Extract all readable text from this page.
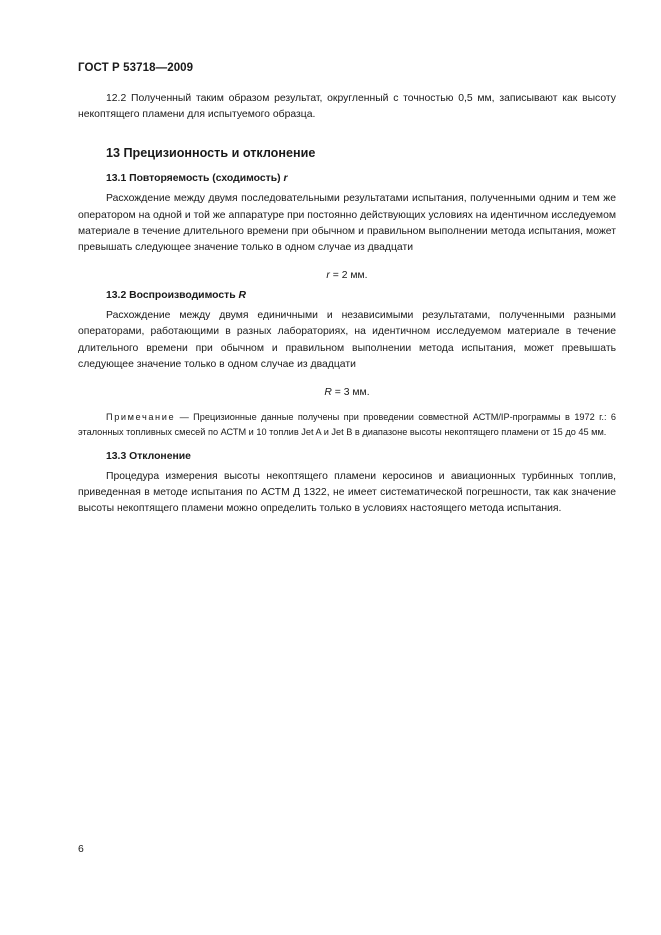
ГОСТ Р 53718—2009

12.2 Полученный таким образом результат, округленный с точностью 0,5 мм, записывают как высоту некоптящего пламени для испытуемого образца.

13 Прецизионность и отклонение
13.1 Повторяемость (сходимость) r

Расхождение между двумя последовательными результатами испытания, полученными одним и тем же оператором на одной и той же аппаратуре при постоянно действующих условиях на идентичном исследуемом материале в течение длительного времени при обычном и правильном выполнении метода испытания, может превышать следующее значение только в одном случае из двадцати

r = 2 мм.
13.2 Воспроизводимость R

Расхождение между двумя единичными и независимыми результатами, полученными разными операторами, работающими в разных лабораториях, на идентичном исследуемом материале в течение длительного времени при обычном и правильном выполнении метода испытания, может превышать следующее значение только в одном случае из двадцати

R = 3 мм.
Примечание — Прецизионные данные получены при проведении совместной АСТМ/IP-программы в 1972 г.: 6 эталонных топливных смесей по АСТМ и 10 топлив Jet A и Jet B в диапазоне высоты некоптящего пламени от 15 до 45 мм.
13.3 Отклонение

Процедура измерения высоты некоптящего пламени керосинов и авиационных турбинных топлив, приведенная в методе испытания по АСТМ Д 1322, не имеет систематической погрешности, так как значение высоты некоптящего пламени можно определить только в условиях настоящего метода испытания.

6
